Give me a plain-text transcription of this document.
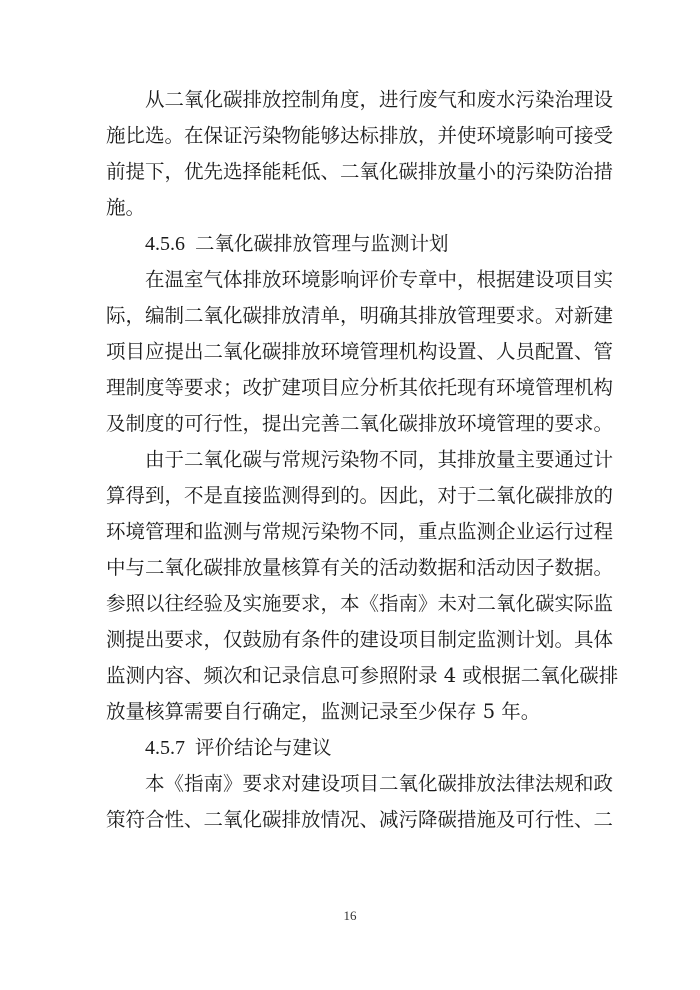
从二氧化碳排放控制角度，进行废气和废水污染治理设
施比选。在保证污染物能够达标排放，并使环境影响可接受
前提下，优先选择能耗低、二氧化碳排放量小的污染防治措
施。
4.5.6 二氧化碳排放管理与监测计划
在温室气体排放环境影响评价专章中，根据建设项目实
际，编制二氧化碳排放清单，明确其排放管理要求。对新建
项目应提出二氧化碳排放环境管理机构设置、人员配置、管
理制度等要求；改扩建项目应分析其依托现有环境管理机构
及制度的可行性，提出完善二氧化碳排放环境管理的要求。
由于二氧化碳与常规污染物不同，其排放量主要通过计
算得到，不是直接监测得到的。因此，对于二氧化碳排放的
环境管理和监测与常规污染物不同，重点监测企业运行过程
中与二氧化碳排放量核算有关的活动数据和活动因子数据。
参照以往经验及实施要求，本《指南》未对二氧化碳实际监
测提出要求，仅鼓励有条件的建设项目制定监测计划。具体
监测内容、频次和记录信息可参照附录 4 或根据二氧化碳排
放量核算需要自行确定，监测记录至少保存 5 年。
4.5.7 评价结论与建议
本《指南》要求对建设项目二氧化碳排放法律法规和政
策符合性、二氧化碳排放情况、减污降碳措施及可行性、二
16
